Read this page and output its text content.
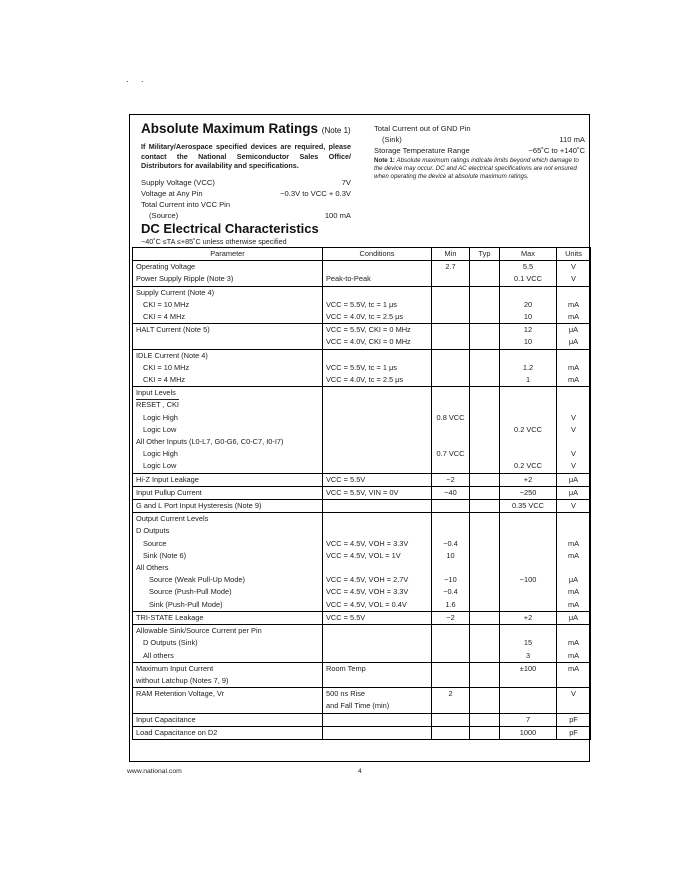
. .
Absolute Maximum Ratings (Note 1)
If Military/Aerospace specified devices are required, please contact the National Semiconductor Sales Office/ Distributors for availability and specifications.
Supply Voltage (VCC)	7V
Voltage at Any Pin	−0.3V to VCC + 0.3V
Total Current into VCC Pin
(Source)	100 mA
Total Current out of GND Pin
(Sink)	110 mA
Storage Temperature Range	−65˚C to +140˚C
Note 1: Absolute maximum ratings indicate limits beyond which damage to the device may occur. DC and AC electrical specifications are not ensured when operating the device at absolute maximum ratings.
DC Electrical Characteristics
−40˚C ≤TA ≤+85˚C unless otherwise specified
Parameter	Conditions	Min	Typ	Max	Units
Operating Voltage		2.7		5.5	V
Power Supply Ripple (Note 3)	Peak-to-Peak			0.1 VCC	V
Supply Current (Note 4)					
CKI = 10 MHz	VCC = 5.5V, tc = 1 μs			20	mA
CKI = 4 MHz	VCC = 4.0V, tc = 2.5 μs			10	mA
HALT Current (Note 5)	VCC = 5.5V, CKI = 0 MHz			12	μA
	VCC = 4.0V, CKI = 0 MHz			10	μA
IDLE Current (Note 4)					
CKI = 10 MHz	VCC = 5.5V, tc = 1 μs			1.2	mA
CKI = 4 MHz	VCC = 4.0V, tc = 2.5 μs			1	mA
Input Levels					
RESET , CKI					
Logic High		0.8 VCC			V
Logic Low				0.2 VCC	V
All Other Inputs (L0-L7, G0-G6, C0-C7, I0-I7)					
Logic High		0.7 VCC			V
Logic Low				0.2 VCC	V
Hi-Z Input Leakage	VCC = 5.5V	−2		+2	μA
Input Pullup Current	VCC = 5.5V, VIN = 0V	−40		−250	μA
G and L Port Input Hysteresis (Note 9)				0.35 VCC	V
Output Current Levels					
D Outputs					
Source	VCC = 4.5V, VOH = 3.3V	−0.4			mA
Sink (Note 6)	VCC = 4.5V, VOL = 1V	10			mA
All Others					
Source (Weak Pull-Up Mode)	VCC = 4.5V, VOH = 2.7V	−10		−100	μA
Source (Push-Pull Mode)	VCC = 4.5V, VOH = 3.3V	−0.4			mA
Sink (Push-Pull Mode)	VCC = 4.5V, VOL = 0.4V	1.6			mA
TRI-STATE Leakage	VCC = 5.5V	−2		+2	μA
Allowable Sink/Source Current per Pin					
D Outputs (Sink)				15	mA
All others				3	mA
Maximum Input Current	Room Temp			±100	mA
without Latchup (Notes 7, 9)					
RAM Retention Voltage, Vr	500 ns Rise	2			V
	and Fall Time (min)				
Input Capacitance				7	pF
Load Capacitance on D2				1000	pF
www.national.com	4
